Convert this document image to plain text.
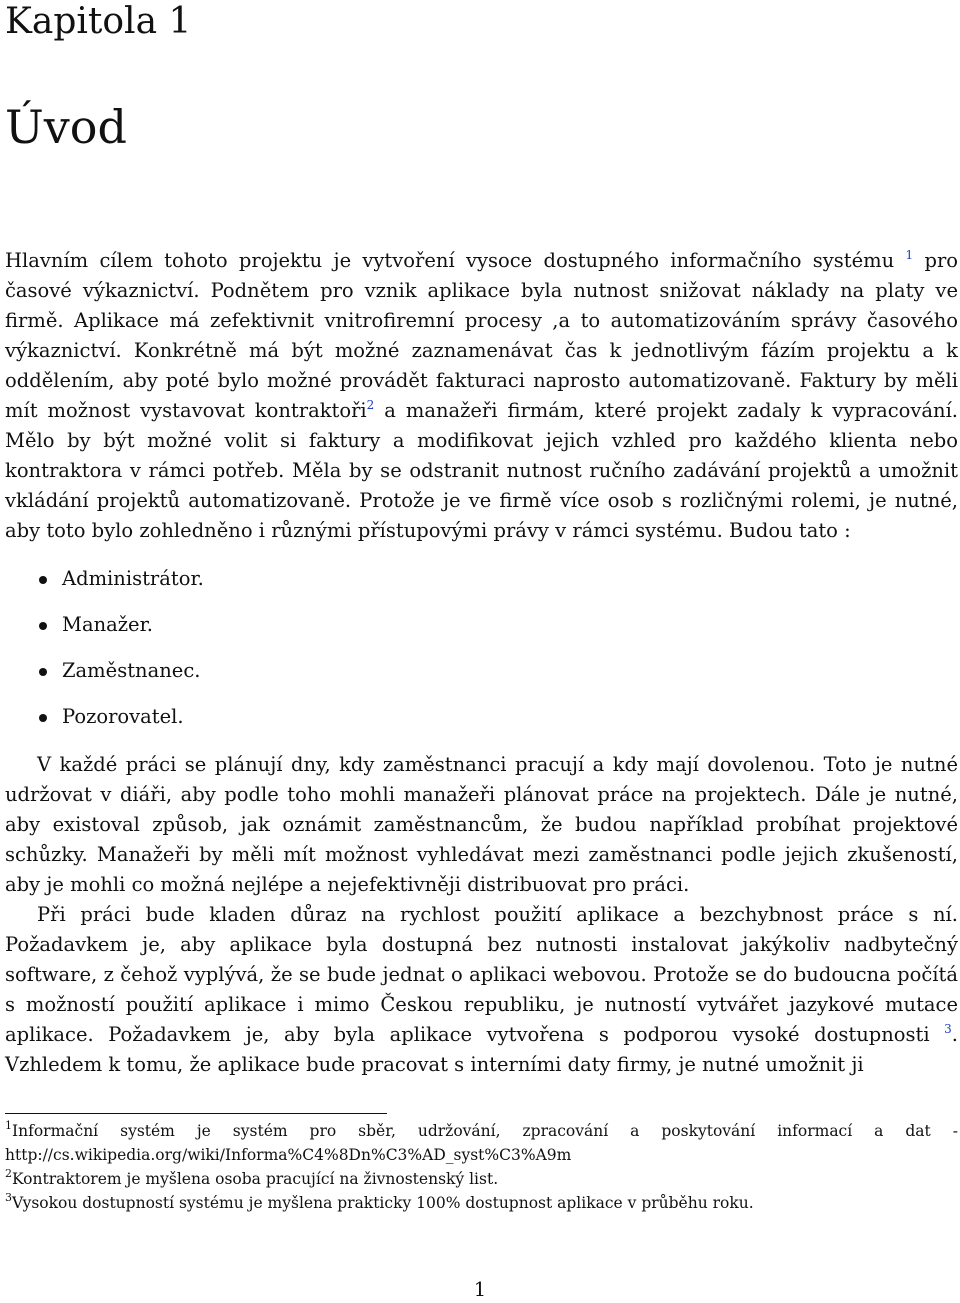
Kapitola 1
Úvod

Hlavním cílem tohoto projektu je vytvoření vysoce dostupného informačního systému $^1$ pro časové výkaznictví. Podnětem pro vznik aplikace byla nutnost snižovat náklady na platy ve firmě. Aplikace má zefektivnit vnitrofiremní procesy ,a to automatizováním správy časového výkaznictví. Konkrétně má být možné zaznamenávat čas k jednotlivým fázím projektu a k oddělením, aby poté bylo možné provádět fakturaci naprosto automatizovaně. Faktury by měli mít možnost vystavovat kontraktoři$^2$ a manažeři firmám, které projekt zadaly k vypracování. Mělo by být možné volit si faktury a modifikovat jejich vzhled pro každého klienta nebo kontraktora v rámci potřeb. Měla by se odstranit nutnost ručního zadávání projektů a umožnit vkládání projektů automatizovaně. Protože je ve firmě více osob s rozličnými rolemi, je nutné, aby toto bylo zohledněno i různými přístupovými právy v rámci systému. Budou tato :

Administrátor.
Manažer.
Zaměstnanec.
Pozorovatel.

V každé práci se plánují dny, kdy zaměstnanci pracují a kdy mají dovolenou. Toto je nutné udržovat v diáři, aby podle toho mohli manažeři plánovat práce na projektech. Dále je nutné, aby existoval způsob, jak oznámit zaměstnancům, že budou například probíhat projektové schůzky. Manažeři by měli mít možnost vyhledávat mezi zaměstnanci podle jejich zkušeností, aby je mohli co možná nejlépe a nejefektivněji distribuovat pro práci.

Při práci bude kladen důraz na rychlost použití aplikace a bezchybnost práce s ní. Požadavkem je, aby aplikace byla dostupná bez nutnosti instalovat jakýkoliv nadbytečný software, z čehož vyplývá, že se bude jednat o aplikaci webovou. Protože se do budoucna počítá s možností použití aplikace i mimo Českou republiku, je nutností vytvářet jazykové mutace aplikace. Požadavkem je, aby byla aplikace vytvořena s podporou vysoké dostupnosti $^3$. Vzhledem k tomu, že aplikace bude pracovat s interními daty firmy, je nutné umožnit ji

$^1$Informační systém je systém pro sběr, udržování, zpracování a poskytování informací a dat -

http://cs.wikipedia.org/wiki/Informa%C4%8Dn%C3%AD_syst%C3%A9m

$^2$Kontraktorem je myšlena osoba pracující na živnostenský list.

$^3$Vysokou dostupností systému je myšlena prakticky 100% dostupnost aplikace v průběhu roku.

1
